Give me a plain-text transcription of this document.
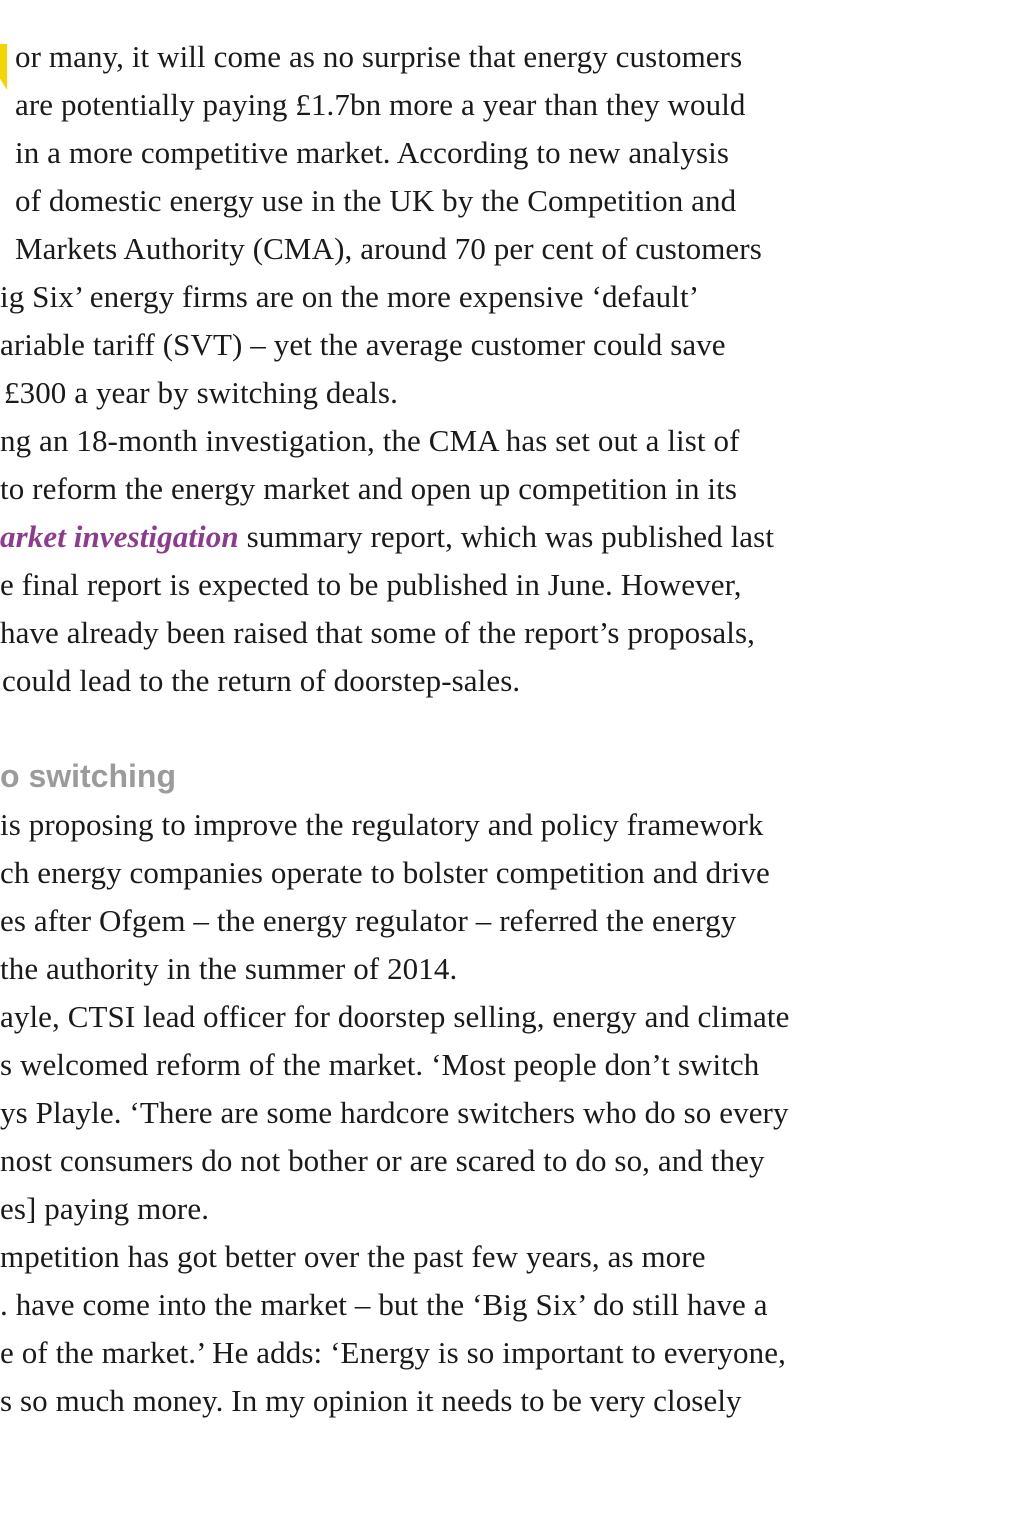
or many, it will come as no surprise that energy customers
are potentially paying £1.7bn more a year than they would
in a more competitive market. According to new analysis
of domestic energy use in the UK by the Competition and
Markets Authority (CMA), around 70 per cent of customers
ig Six’ energy firms are on the more expensive ‘default’
ariable tariff (SVT) – yet the average customer could save
£300 a year by switching deals.
ng an 18-month investigation, the CMA has set out a list of
to reform the energy market and open up competition in its
arket investigation summary report, which was published last
e final report is expected to be published in June. However,
have already been raised that some of the report’s proposals,
could lead to the return of doorstep-sales.
o switching
is proposing to improve the regulatory and policy framework
ch energy companies operate to bolster competition and drive
es after Ofgem – the energy regulator – referred the energy
the authority in the summer of 2014.
ayle, CTSI lead officer for doorstep selling, energy and climate
s welcomed reform of the market. ‘Most people don’t switch
ys Playle. ‘There are some hardcore switchers who do so every
nost consumers do not bother or are scared to do so, and they
es] paying more.
mpetition has got better over the past few years, as more
. have come into the market – but the ‘Big Six’ do still have a
e of the market.’ He adds: ‘Energy is so important to everyone,
s so much money. In my opinion it needs to be very closely
